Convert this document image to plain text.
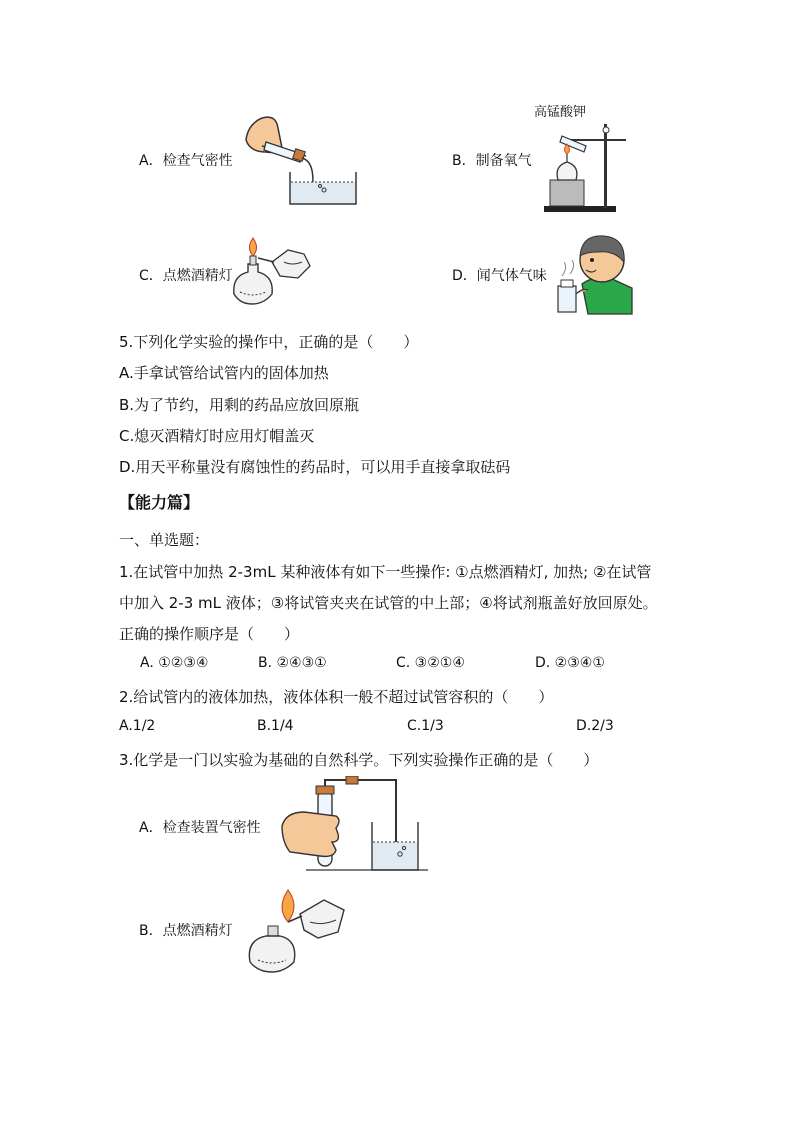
A．检查气密性	B．制备氧气
高锰酸钾
C．点燃酒精灯	D．闻气体气味
5.下列化学实验的操作中，正确的是（　　）
A.手拿试管给试管内的固体加热
B.为了节约，用剩的药品应放回原瓶
C.熄灭酒精灯时应用灯帽盖灭
D.用天平称量没有腐蚀性的药品时，可以用手直接拿取砝码
【能力篇】
一、单选题：
1.在试管中加热 2-3mL 某种液体有如下一些操作: ①点燃酒精灯, 加热; ②在试管
中加入 2-3 mL 液体；③将试管夹夹在试管的中上部；④将试剂瓶盖好放回原处。
正确的操作顺序是（　　）
A. ①②③④	B. ②④③①	C. ③②①④	D. ②③④①
2.给试管内的液体加热，液体体积一般不超过试管容积的（　　）
A.1/2	B.1/4	C.1/3	D.2/3
3.化学是一门以实验为基础的自然科学。下列实验操作正确的是（　　）
A．检查装置气密性
B．点燃酒精灯
